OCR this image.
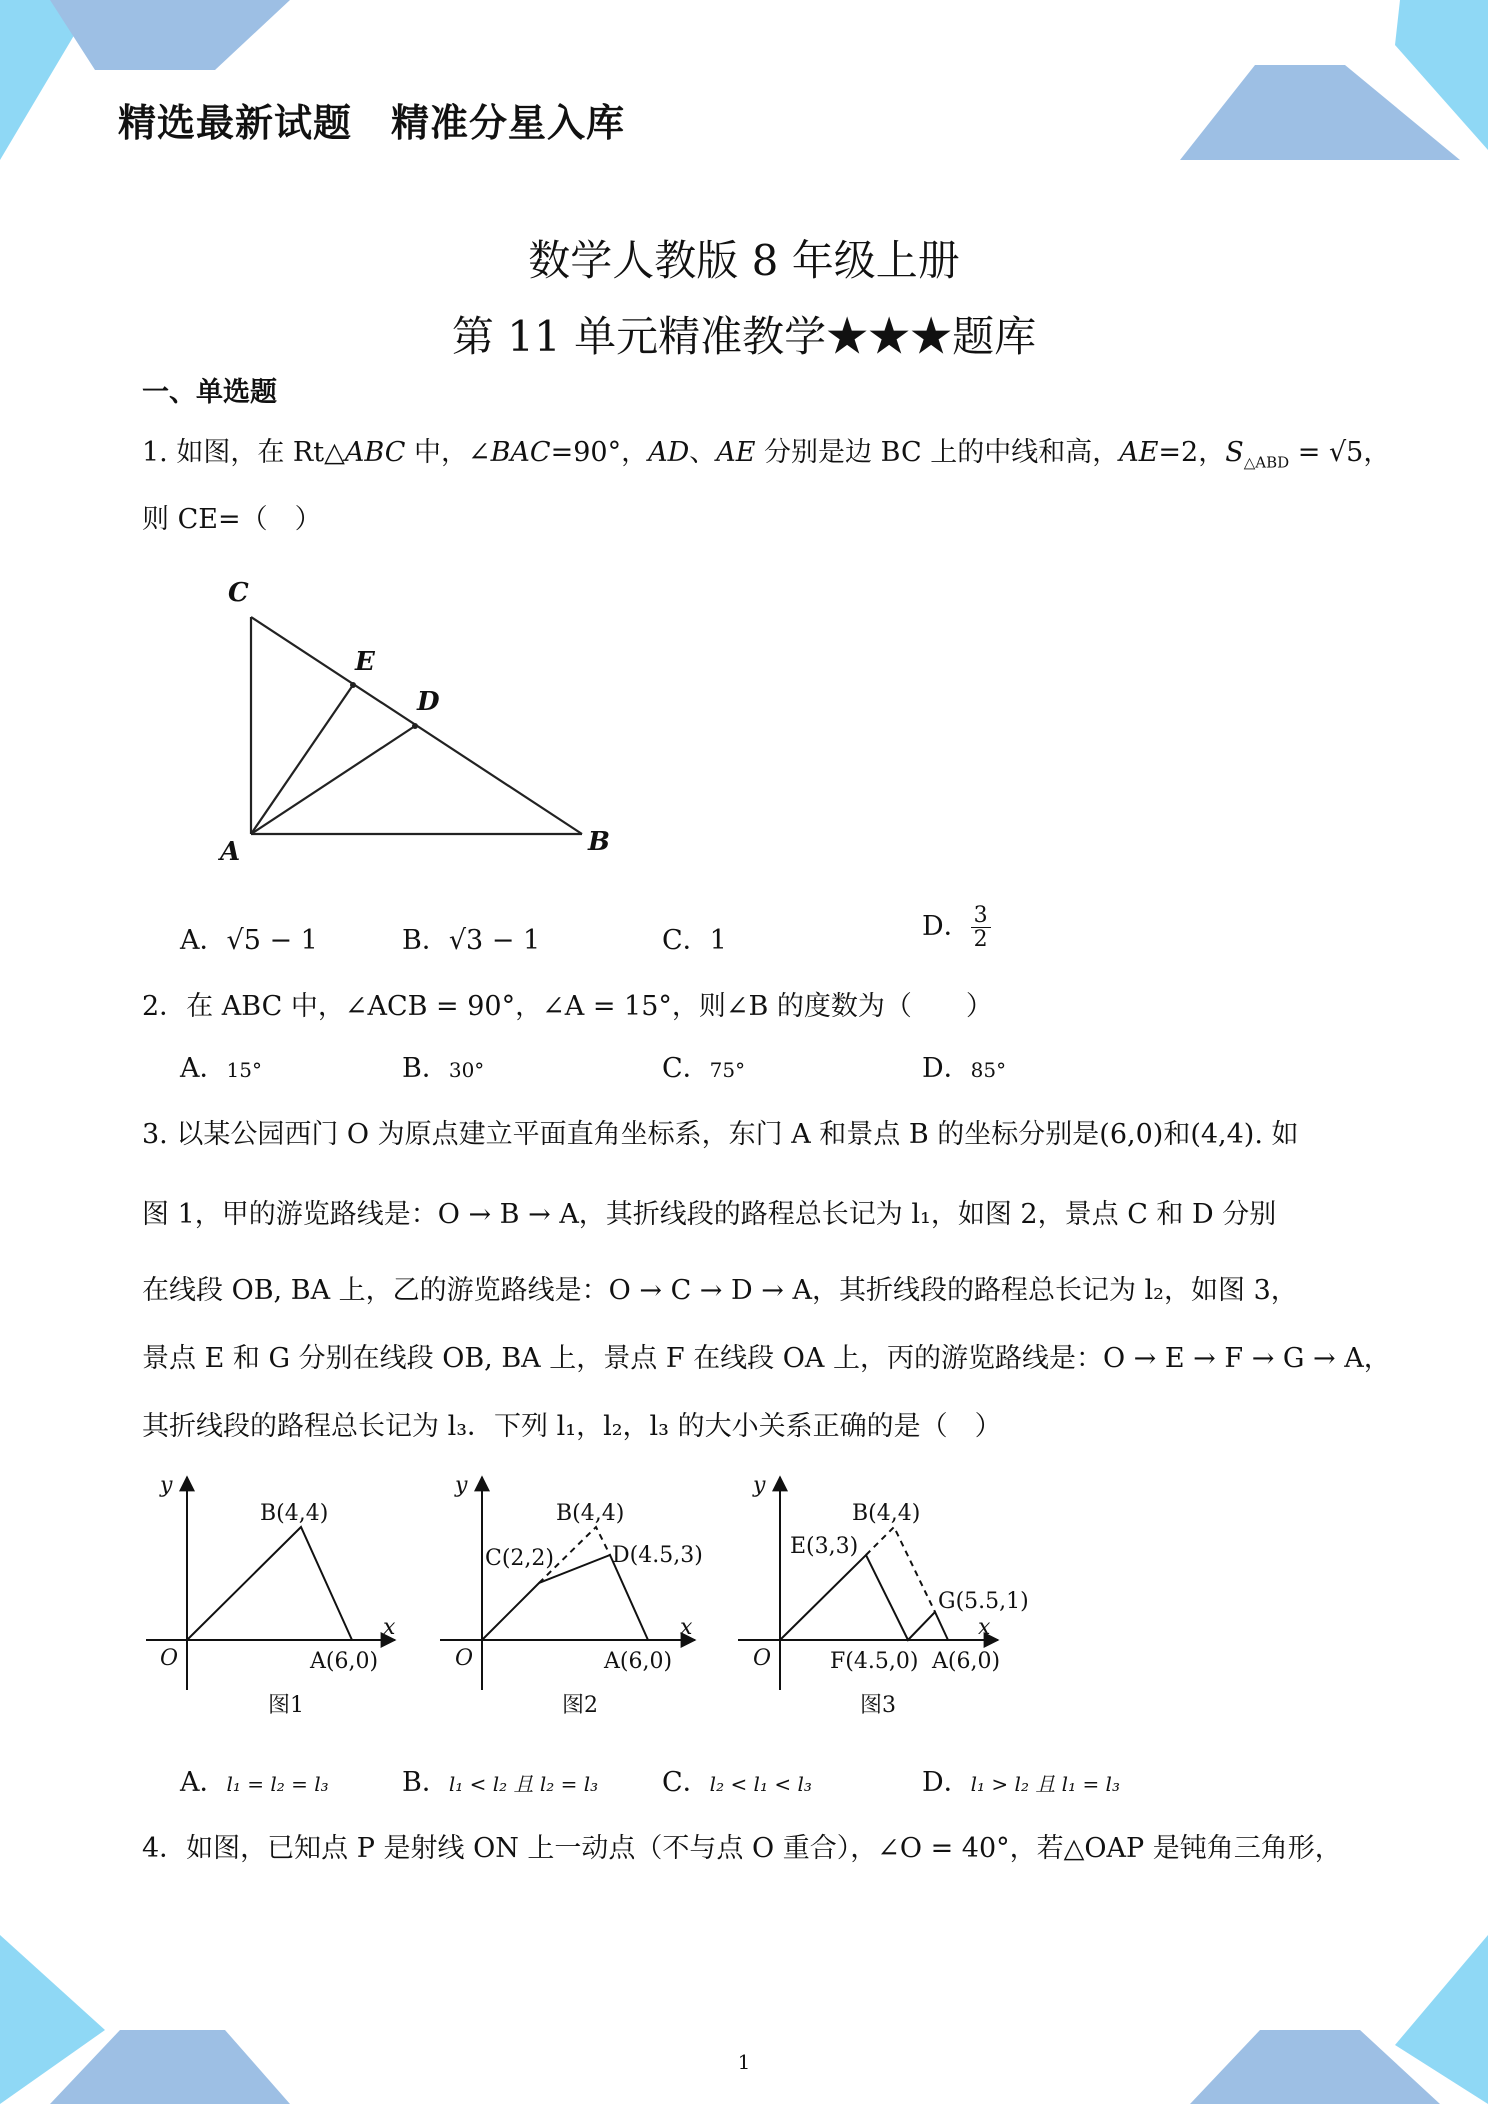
精选最新试题　精准分星入库
数学人教版 8 年级上册
第 11 单元精准教学★★★题库
一、单选题
1. 如图，在 Rt△ABC 中，∠BAC=90°，AD、AE 分别是边 BC 上的中线和高，AE=2，$S_{\triangle ABD} = √5$，
则 CE=（　）
C
E
D
A	B
A．√5 − 1	B．√3 − 1	C．1	D． $\frac{3}{2}$
2．在 ABC 中，∠ACB = 90°，∠A = 15°，则∠B 的度数为（　　）
A．15°	B．30°	C．75°	D．85°
3. 以某公园西门 O 为原点建立平面直角坐标系，东门 A 和景点 B 的坐标分别是(6,0)和(4,4). 如
图 1，甲的游览路线是：O → B → A，其折线段的路程总长记为 l₁，如图 2，景点 C 和 D 分别
在线段 OB, BA 上，乙的游览路线是：O → C → D → A，其折线段的路程总长记为 l₂，如图 3，
景点 E 和 G 分别在线段 OB, BA 上，景点 F 在线段 OA 上，丙的游览路线是：O → E → F → G → A，
其折线段的路程总长记为 l₃．下列 l₁，l₂，l₃ 的大小关系正确的是（　）
y
x
O
B(4,4)
A(6,0)
图1
y
x
O
B(4,4)
C(2,2)	D(4.5,3)
A(6,0)
图2
y
x
O
B(4,4)
E(3,3)
G(5.5,1)
F(4.5,0) A(6,0)
图3
A．l₁ = l₂ = l₃	B．l₁ < l₂ 且 l₂ = l₃ C．l₂ < l₁ < l₃	D．l₁ > l₂ 且 l₁ = l₃
4．如图，已知点 P 是射线 ON 上一动点（不与点 O 重合），∠O = 40°，若△OAP 是钝角三角形，
1
